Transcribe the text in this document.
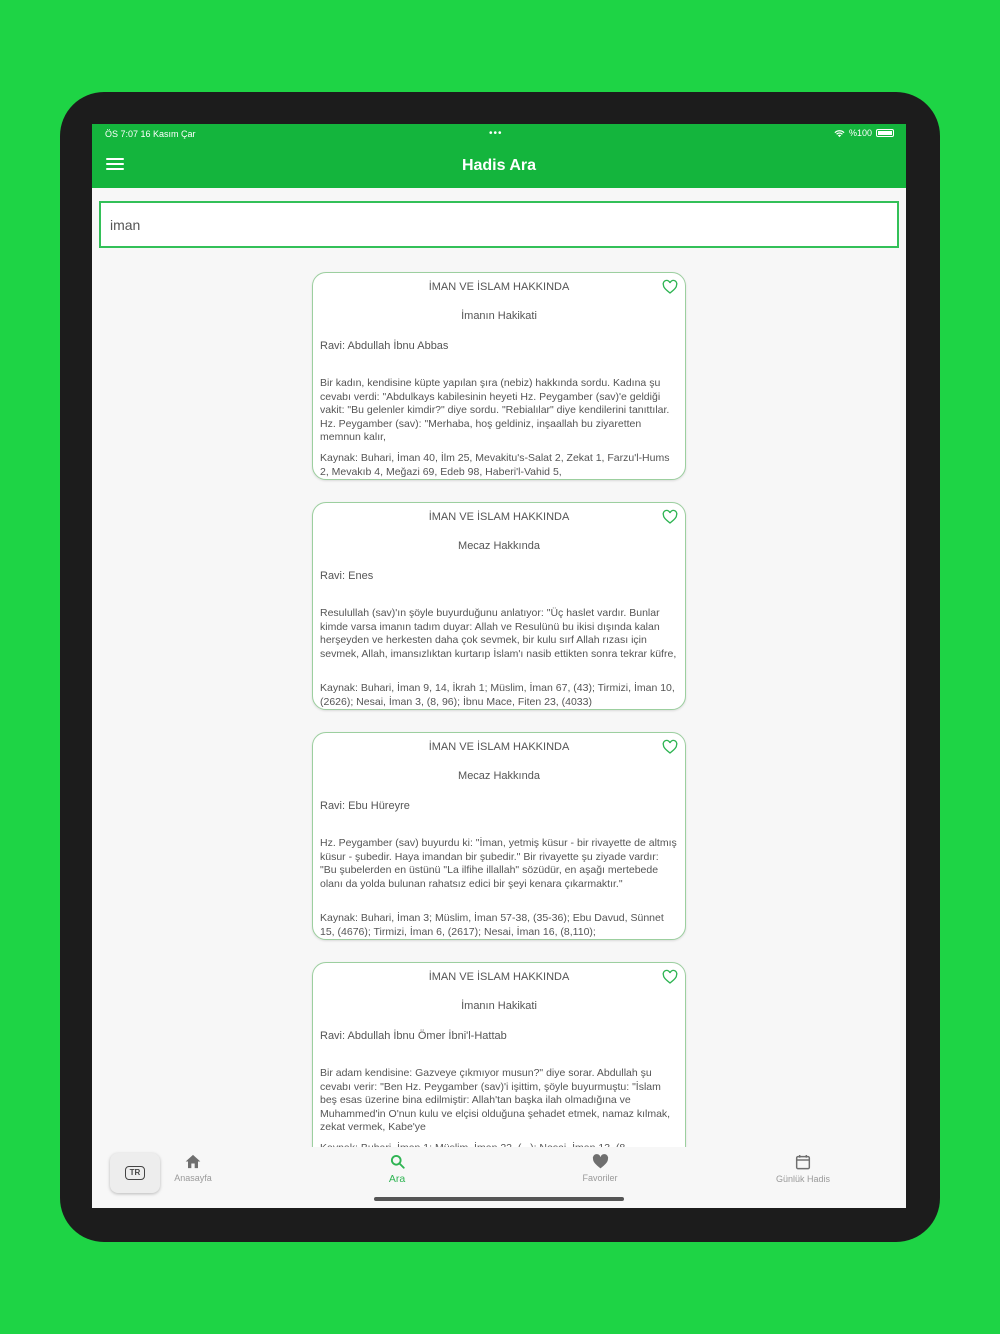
ÖS 7:07 16 Kasım Çar	•••	%100
Hadis Ara
iman
İMAN VE İSLAM HAKKINDA
İmanın Hakikati
Ravi: Abdullah İbnu Abbas
Bir kadın, kendisine küpte yapılan şıra (nebiz) hakkında sordu. Kadına şu cevabı verdi: "Abdulkays kabilesinin heyeti Hz. Peygamber (sav)'e geldiği vakit: "Bu gelenler kimdir?" diye sordu. "Rebialılar" diye kendilerini tanıttılar. Hz. Peygamber (sav): "Merhaba, hoş geldiniz, inşaallah bu ziyaretten memnun kalır,
Kaynak: Buhari, İman 40, İlm 25, Mevakitu's-Salat 2, Zekat 1, Farzu'l-Hums 2, Mevakıb 4, Meğazi 69, Edeb 98, Haberi'l-Vahid 5,
İMAN VE İSLAM HAKKINDA
Mecaz Hakkında
Ravi: Enes
Resulullah (sav)'ın şöyle buyurduğunu anlatıyor: "Üç haslet vardır. Bunlar kimde varsa imanın tadım duyar: Allah ve Resulünü bu ikisi dışında kalan herşeyden ve herkesten daha çok sevmek, bir kulu sırf Allah rızası için sevmek, Allah, imansızlıktan kurtarıp İslam'ı nasib ettikten sonra tekrar küfre,
Kaynak: Buhari, İman 9, 14, İkrah 1; Müslim, İman 67, (43); Tirmizi, İman 10, (2626); Nesai, İman 3, (8, 96); İbnu Mace, Fiten 23, (4033)
İMAN VE İSLAM HAKKINDA
Mecaz Hakkında
Ravi: Ebu Hüreyre
Hz. Peygamber (sav) buyurdu ki: "İman, yetmiş küsur - bir rivayette de altmış küsur - şubedir. Haya imandan bir şubedir." Bir rivayette şu ziyade vardır: "Bu şubelerden en üstünü "La ilfihe illallah" sözüdür, en aşağı mertebede olanı da yolda bulunan rahatsız edici bir şeyi kenara çıkarmaktır."
Kaynak: Buhari, İman 3; Müslim, İman 57-38, (35-36); Ebu Davud, Sünnet 15, (4676); Tirmizi, İman 6, (2617); Nesai, İman 16, (8,110);
İMAN VE İSLAM HAKKINDA
İmanın Hakikati
Ravi: Abdullah İbnu Ömer İbni'l-Hattab
Bir adam kendisine: Gazveye çıkmıyor musun?" diye sorar. Abdullah şu cevabı verir: "Ben Hz. Peygamber (sav)'i işittim, şöyle buyurmuştu: "İslam beş esas üzerine bina edilmiştir: Allah'tan başka ilah olmadığına ve Muhammed'in O'nun kulu ve elçisi olduğuna şehadet etmek, namaz kılmak, zekat vermek, Kabe'ye
TR
Anasayfa	Ara	Favoriler	Günlük Hadis
